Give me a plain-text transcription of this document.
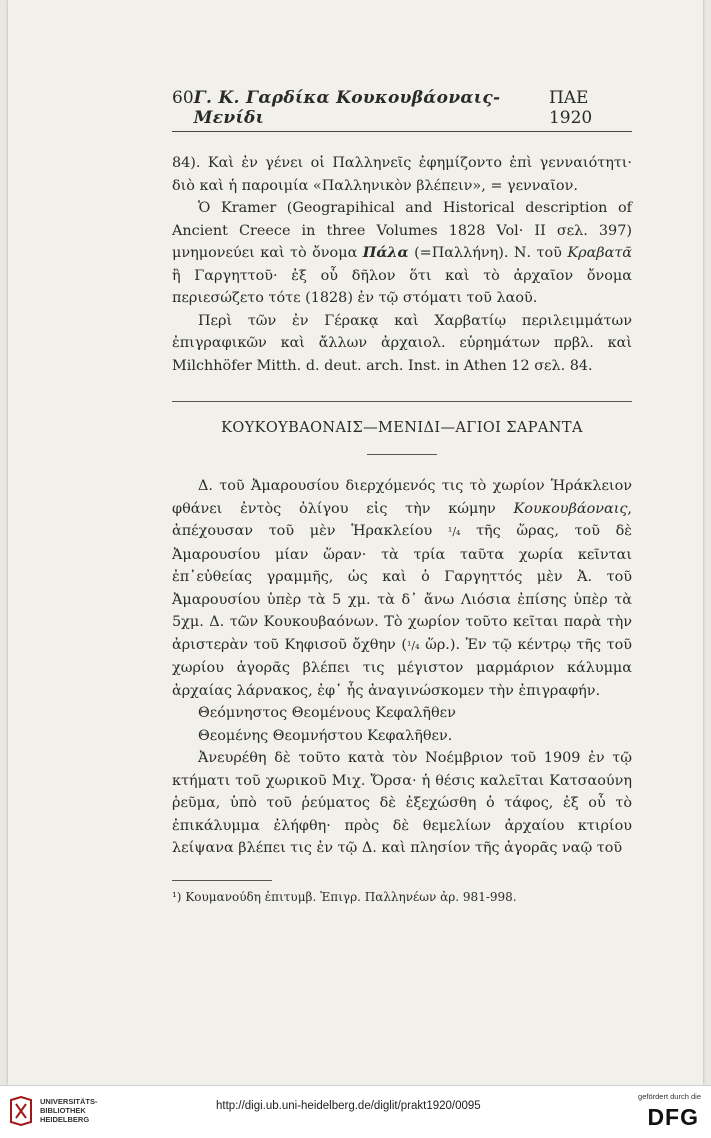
60 Γ. Κ. Γαρδίκα Κουκουβάοναις-Μενίδι
ΠΑΕ 1920

84). Καὶ ἐν γένει οἱ Παλληνεῖς ἐφημίζοντο ἐπὶ γενναιότητι· διὸ καὶ ἡ παροιμία «Παλληνικὸν βλέπειν», = γενναῖον.

Ὁ Kramer (Geograpihical and Historical description of Ancient Creece in three Volumes 1828 Vol· II σελ. 397) μνημονεύει καὶ τὸ ὄνομα Πάλα (=Παλλήνη). Ν. τοῦ Κραβατᾶ ἢ Γαργηττοῦ· ἐξ οὗ δῆλον ὅτι καὶ τὸ ἀρχαῖον ὄνομα περιεσώζετο τότε (1828) ἐν τῷ στόματι τοῦ λαοῦ.

Περὶ τῶν ἐν Γέρακᾳ καὶ Χαρβατίῳ περιλειμμάτων ἐπιγραφικῶν καὶ ἄλλων ἀρχαιολ. εὑρημάτων πρβλ. καὶ Milchhöfer Mitth. d. deut. arch. Inst. in Athen 12 σελ. 84.

ΚΟΥΚΟΥΒΑΟΝΑΙΣ—ΜΕΝΙΔΙ—ΑΓΙΟΙ ΣΑΡΑΝΤΑ

Δ. τοῦ Ἀμαρουσίου διερχόμενός τις τὸ χωρίον Ἡράκλειον φθάνει ἐντὸς ὀλίγου εἰς τὴν κώμην Κουκουβάοναις, ἀπέχουσαν τοῦ μὲν Ἡρακλείου ¹/₄ τῆς ὥρας, τοῦ δὲ Ἀμαρουσίου μίαν ὥραν· τὰ τρία ταῦτα χωρία κεῖνται ἐπ᾽εὐθείας γραμμῆς, ὡς καὶ ὁ Γαργηττός μὲν Ἀ. τοῦ Ἀμαρουσίου ὑπὲρ τὰ 5 χμ. τὰ δ᾽ ἄνω Λιόσια ἐπίσης ὑπὲρ τὰ 5χμ. Δ. τῶν Κουκουβαόνων. Τὸ χωρίον τοῦτο κεῖται παρὰ τὴν ἀριστερὰν τοῦ Κηφισοῦ ὄχθην (¹/₄ ὥρ.). Ἐν τῷ κέντρῳ τῆς τοῦ χωρίου ἀγορᾶς βλέπει τις μέγιστον μαρμάριον κάλυμμα ἀρχαίας λάρνακος, ἐφ᾽ ἧς ἀναγινώσκομεν τὴν ἐπιγραφήν.

Θεόμνηστος Θεομένους Κεφαλῆθεν

Θεομένης Θεομνήστου Κεφαλῆθεν.

Ἀνευρέθη δὲ τοῦτο κατὰ τὸν Νοέμβριον τοῦ 1909 ἐν τῷ κτήματι τοῦ χωρικοῦ Μιχ. Ὄρσα· ἡ θέσις καλεῖται Κατσαούνη ῥεῦμα, ὑπὸ τοῦ ῥεύματος δὲ ἐξεχώσθη ὁ τάφος, ἐξ οὗ τὸ ἐπικάλυμμα ἐλήφθη· πρὸς δὲ θεμελίων ἀρχαίου κτιρίου λείψανα βλέπει τις ἐν τῷ Δ. καὶ πλησίον τῆς ἀγορᾶς ναῷ τοῦ

¹) Κουμανούδη ἐπιτυμβ. Ἐπιγρ. Παλληνέων ἀρ. 981-998.
UNIVERSITÄTS-
BIBLIOTHEK
HEIDELBERG
http://digi.ub.uni-heidelberg.de/diglit/prakt1920/0095
gefördert durch die
DFG
